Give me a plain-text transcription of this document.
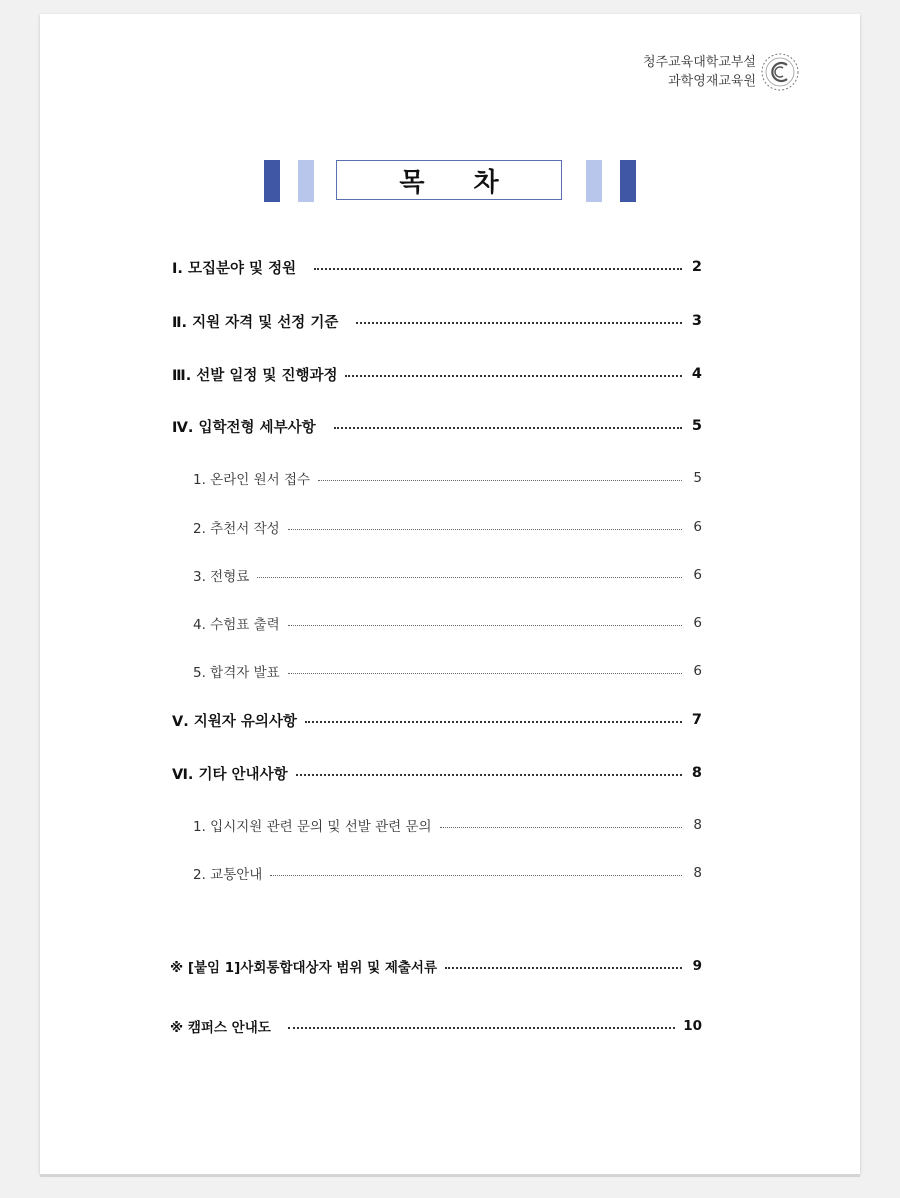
청주교육대학교부설
과학영재교육원
목 차
Ⅰ. 모집분야 및 정원	2
Ⅱ. 지원 자격 및 선정 기준	3
Ⅲ. 선발 일정 및 진행과정	4
Ⅳ. 입학전형 세부사항	5
1. 온라인 원서 접수	5
2. 추천서 작성	6
3. 전형료	6
4. 수험표 출력	6
5. 합격자 발표	6
Ⅴ. 지원자 유의사항	7
Ⅵ. 기타 안내사항	8
1. 입시지원 관련 문의 및 선발 관련 문의	8
2. 교통안내	8
※ [붙임 1]사회통합대상자 범위 및 제출서류	9
※ 캠퍼스 안내도	10
